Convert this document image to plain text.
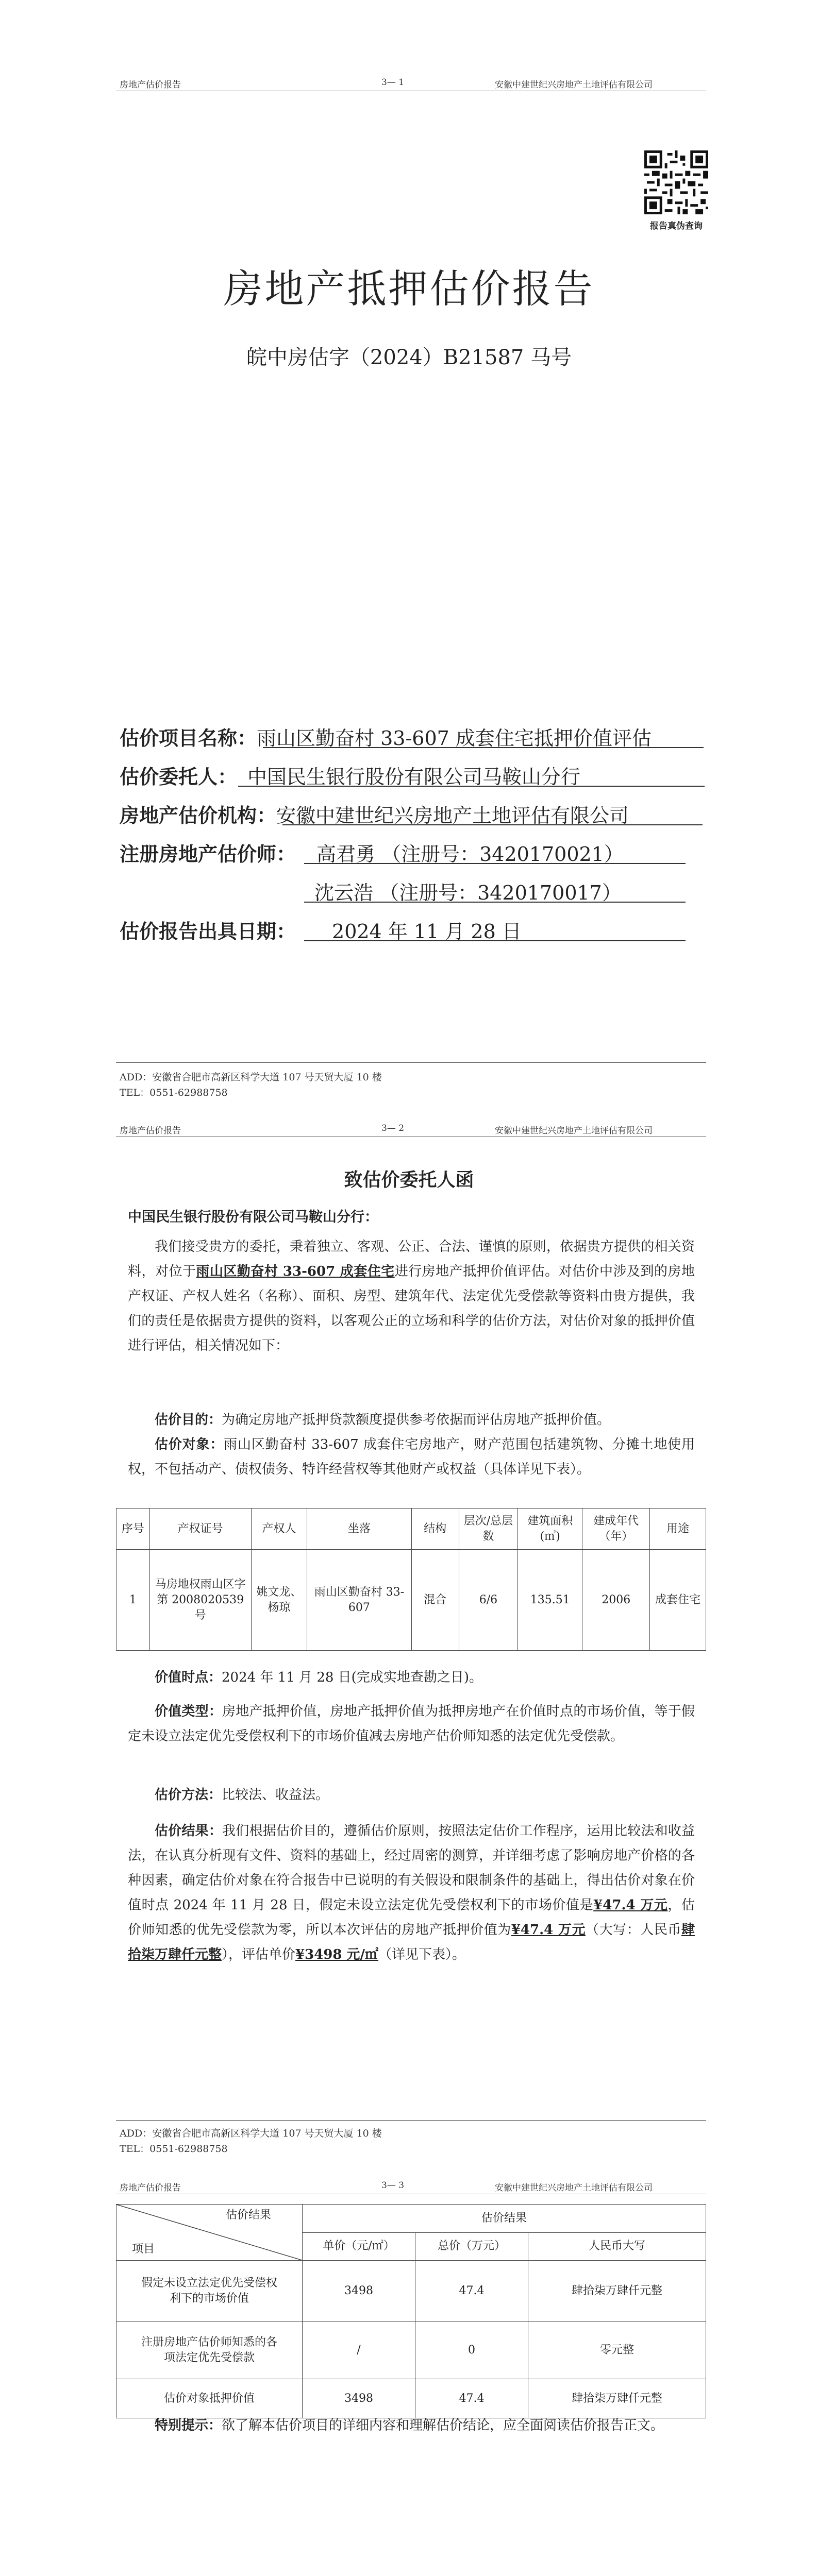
房地产估价报告	3— 1	安徽中建世纪兴房地产土地评估有限公司
报告真伪查询
房地产抵押估价报告
皖中房估字（2024）B21587 马号
估价项目名称：雨山区勤奋村 33-607 成套住宅抵押价值评估
估价委托人： 中国民生银行股份有限公司马鞍山分行
房地产估价机构：安徽中建世纪兴房地产土地评估有限公司
注册房地产估价师： 高君勇 （注册号：3420170021）
沈云浩 （注册号：3420170017）
估价报告出具日期： 2024 年 11 月 28 日
ADD：安徽省合肥市高新区科学大道 107 号天贸大厦 10 楼
TEL：0551-62988758
房地产估价报告	3— 2	安徽中建世纪兴房地产土地评估有限公司
致估价委托人函
中国民生银行股份有限公司马鞍山分行：
我们接受贵方的委托，秉着独立、客观、公正、合法、谨慎的原则，依据贵方提供的相关资料，对位于雨山区勤奋村 33-607 成套住宅进行房地产抵押价值评估。对估价中涉及到的房地产权证、产权人姓名（名称）、面积、房型、建筑年代、法定优先受偿款等资料由贵方提供，我们的责任是依据贵方提供的资料，以客观公正的立场和科学的估价方法，对估价对象的抵押价值进行评估，相关情况如下：
估价目的：为确定房地产抵押贷款额度提供参考依据而评估房地产抵押价值。
估价对象：雨山区勤奋村 33-607 成套住宅房地产，财产范围包括建筑物、分摊土地使用权，不包括动产、债权债务、特许经营权等其他财产或权益（具体详见下表）。
序号	产权证号	产权人	坐落	结构	层次/总层数	建筑面积(㎡)	建成年代（年）	用途
1	马房地权雨山区字第 2008020539 号	姚文龙、杨琼	雨山区勤奋村 33-607	混合	6/6	135.51	2006	成套住宅
价值时点：2024 年 11 月 28 日(完成实地查勘之日)。
价值类型：房地产抵押价值，房地产抵押价值为抵押房地产在价值时点的市场价值，等于假定未设立法定优先受偿权利下的市场价值减去房地产估价师知悉的法定优先受偿款。
估价方法：比较法、收益法。
估价结果：我们根据估价目的，遵循估价原则，按照法定估价工作程序，运用比较法和收益法，在认真分析现有文件、资料的基础上，经过周密的测算，并详细考虑了影响房地产价格的各种因素，确定估价对象在符合报告中已说明的有关假设和限制条件的基础上，得出估价对象在价值时点 2024 年 11 月 28 日，假定未设立法定优先受偿权利下的市场价值是¥47.4 万元，估价师知悉的优先受偿款为零，所以本次评估的房地产抵押价值为¥47.4 万元（大写：人民币肆拾柒万肆仟元整），评估单价¥3498 元/㎡（详见下表）。
ADD：安徽省合肥市高新区科学大道 107 号天贸大厦 10 楼
TEL：0551-62988758
房地产估价报告	3— 3	安徽中建世纪兴房地产土地评估有限公司
估价结果
项目	估价结果		
	单价（元/㎡）	总价（万元）	人民币大写
假定未设立法定优先受偿权利下的市场价值	3498	47.4	肆拾柒万肆仟元整
注册房地产估价师知悉的各项法定优先受偿款	/	0	零元整
估价对象抵押价值	3498	47.4	肆拾柒万肆仟元整
特别提示：欲了解本估价项目的详细内容和理解估价结论，应全面阅读估价报告正文。
